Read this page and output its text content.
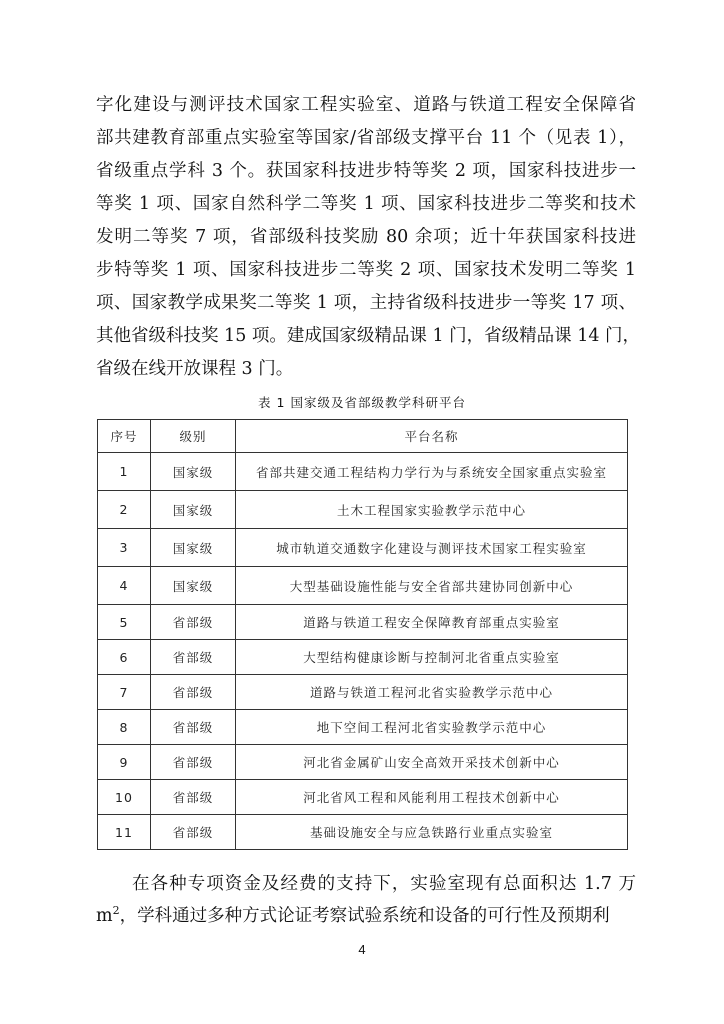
字化建设与测评技术国家工程实验室、道路与铁道工程安全保障省
部共建教育部重点实验室等国家/省部级支撑平台 11 个（见表 1），
省级重点学科 3 个。获国家科技进步特等奖 2 项，国家科技进步一
等奖 1 项、国家自然科学二等奖 1 项、国家科技进步二等奖和技术
发明二等奖 7 项，省部级科技奖励 80 余项；近十年获国家科技进
步特等奖 1 项、国家科技进步二等奖 2 项、国家技术发明二等奖 1
项、国家教学成果奖二等奖 1 项，主持省级科技进步一等奖 17 项、
其他省级科技奖 15 项。建成国家级精品课 1 门，省级精品课 14 门，
省级在线开放课程 3 门。
表 1 国家级及省部级教学科研平台
序号	级别	平台名称
1	国家级	省部共建交通工程结构力学行为与系统安全国家重点实验室
2	国家级	土木工程国家实验教学示范中心
3	国家级	城市轨道交通数字化建设与测评技术国家工程实验室
4	国家级	大型基础设施性能与安全省部共建协同创新中心
5	省部级	道路与铁道工程安全保障教育部重点实验室
6	省部级	大型结构健康诊断与控制河北省重点实验室
7	省部级	道路与铁道工程河北省实验教学示范中心
8	省部级	地下空间工程河北省实验教学示范中心
9	省部级	河北省金属矿山安全高效开采技术创新中心
10	省部级	河北省风工程和风能利用工程技术创新中心
11	省部级	基础设施安全与应急铁路行业重点实验室
在各种专项资金及经费的支持下，实验室现有总面积达 1.7 万
$m^2$，学科通过多种方式论证考察试验系统和设备的可行性及预期利
4
